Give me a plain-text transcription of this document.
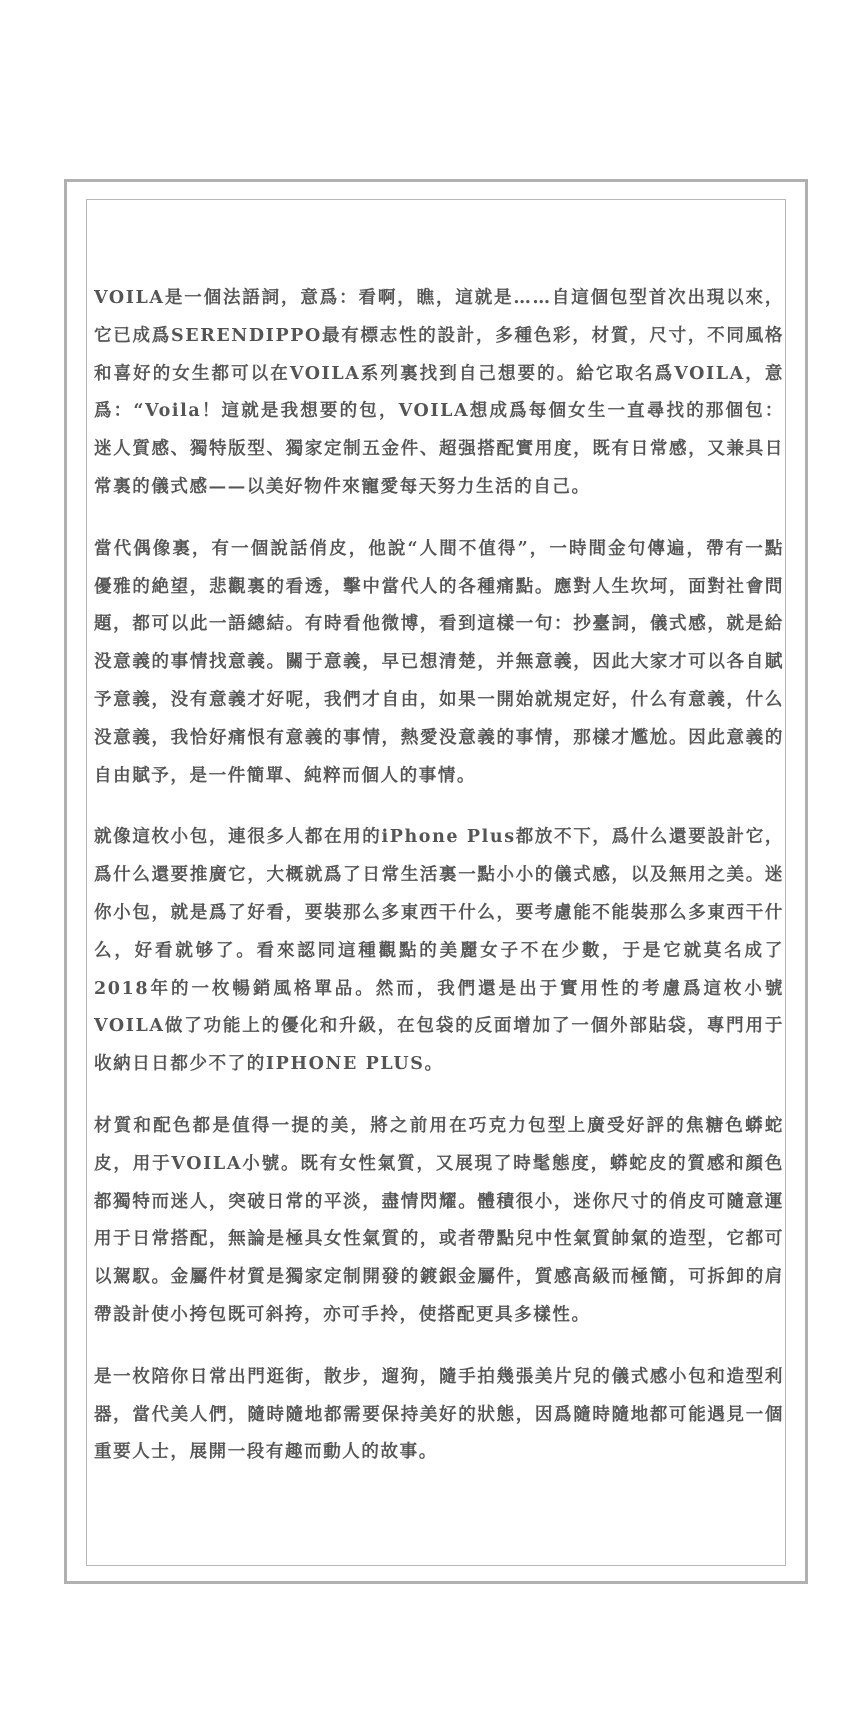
VOILA是一個法語詞，意爲：看啊，瞧，這就是……自這個包型首次出現以來，它已成爲SERENDIPPO最有標志性的設計，多種色彩，材質，尺寸，不同風格和喜好的女生都可以在VOILA系列裏找到自己想要的。給它取名爲VOILA，意爲：“Voila！這就是我想要的包，VOILA想成爲每個女生一直尋找的那個包：迷人質感、獨特版型、獨家定制五金件、超强搭配實用度，既有日常感，又兼具日常裏的儀式感——以美好物件來寵愛每天努力生活的自己。

當代偶像裏，有一個說話俏皮，他說“人間不值得”，一時間金句傳遍，帶有一點優雅的絶望，悲觀裏的看透，擊中當代人的各種痛點。應對人生坎坷，面對社會問題，都可以此一語總結。有時看他微博，看到這樣一句：抄臺詞，儀式感，就是給没意義的事情找意義。關于意義，早已想清楚，并無意義，因此大家才可以各自賦予意義，没有意義才好呢，我們才自由，如果一開始就規定好，什么有意義，什么没意義，我恰好痛恨有意義的事情，熱愛没意義的事情，那樣才尷尬。因此意義的自由賦予，是一件簡單、純粹而個人的事情。

就像這枚小包，連很多人都在用的iPhone Plus都放不下，爲什么還要設計它，爲什么還要推廣它，大概就爲了日常生活裏一點小小的儀式感，以及無用之美。迷你小包，就是爲了好看，要裝那么多東西干什么，要考慮能不能裝那么多東西干什么，好看就够了。看來認同這種觀點的美麗女子不在少數，于是它就莫名成了2018年的一枚暢銷風格單品。然而，我們還是出于實用性的考慮爲這枚小號VOILA做了功能上的優化和升級，在包袋的反面增加了一個外部貼袋，專門用于收納日日都少不了的IPHONE PLUS。

材質和配色都是值得一提的美，將之前用在巧克力包型上廣受好評的焦糖色蟒蛇皮，用于VOILA小號。既有女性氣質，又展現了時髦態度，蟒蛇皮的質感和顔色都獨特而迷人，突破日常的平淡，盡情閃耀。體積很小，迷你尺寸的俏皮可隨意運用于日常搭配，無論是極具女性氣質的，或者帶點兒中性氣質帥氣的造型，它都可以駕馭。金屬件材質是獨家定制開發的鍍銀金屬件，質感高級而極簡，可拆卸的肩帶設計使小挎包既可斜挎，亦可手拎，使搭配更具多樣性。

是一枚陪你日常出門逛街，散步，遛狗，隨手拍幾張美片兒的儀式感小包和造型利器，當代美人們，隨時隨地都需要保持美好的狀態，因爲隨時隨地都可能遇見一個重要人士，展開一段有趣而動人的故事。
